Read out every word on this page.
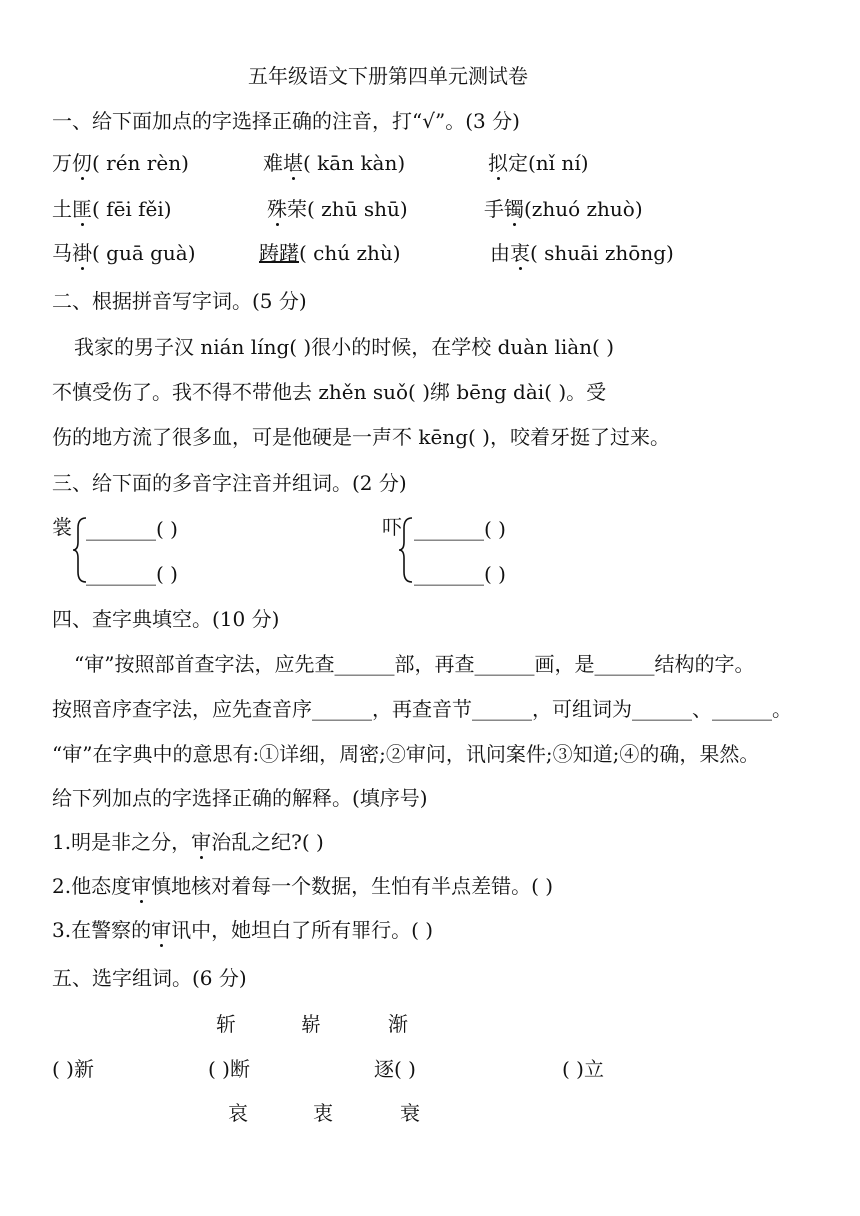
五年级语文下册第四单元测试卷
一、给下面加点的字选择正确的注音，打“√”。(3 分)
万仞( rén rèn)	难堪( kān kàn)	拟定(nǐ ní)
土匪( fēi fěi)	殊荣( zhū shū)	手镯(zhuó zhuò)
马褂( guā guà)	踌躇( chú zhù)	由衷( shuāi zhōng)
二、根据拼音写字词。(5 分)
我家的男子汉 nián líng( )很小的时候，在学校 duàn liàn( )
不慎受伤了。我不得不带他去 zhěn suǒ( )绑 bēng dài( )。受
伤的地方流了很多血，可是他硬是一声不 kēng( )，咬着牙挺了过来。
三、给下面的多音字注音并组词。(2 分)
裳 _______( )
_______( )
吓 _______( )
_______( )
四、查字典填空。(10 分)
“审”按照部首查字法，应先查______部，再查______画，是______结构的字。
按照音序查字法，应先查音序______，再查音节______，可组词为______、______。
“审”在字典中的意思有:①详细，周密;②审问，讯问案件;③知道;④的确，果然。
给下列加点的字选择正确的解释。(填序号)
1.明是非之分，审治乱之纪?( )
2.他态度审慎地核对着每一个数据，生怕有半点差错。( )
3.在警察的审讯中，她坦白了所有罪行。( )
五、选字组词。(6 分)
斩	崭	渐
( )新	( )断	逐( )	( )立
哀	衷	衰
